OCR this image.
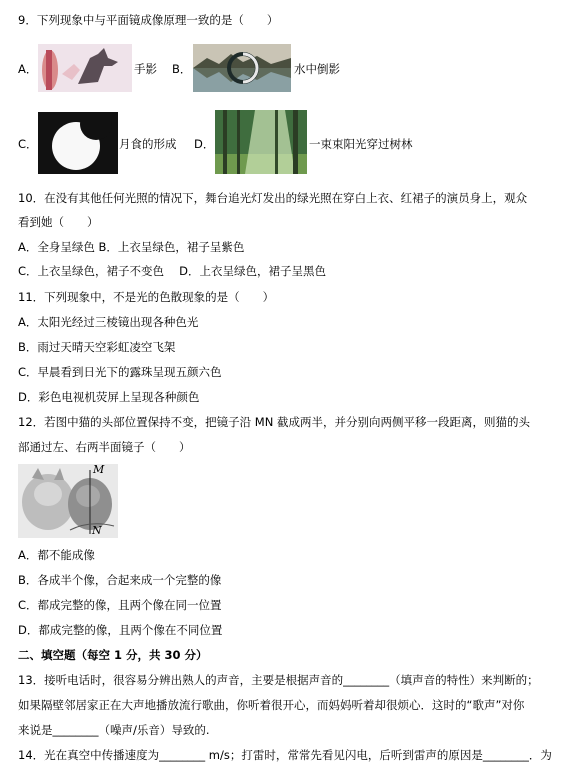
9．下列现象中与平面镜成像原理一致的是（　　）
A．	手影 B．	水中倒影
C．	月食的形成 D．	一束束阳光穿过树林
10．在没有其他任何光照的情况下，舞台追光灯发出的绿光照在穿白上衣、红裙子的演员身上，观众
看到她（　　）
A．全身呈绿色 B．上衣呈绿色，裙子呈紫色
C．上衣呈绿色，裙子不变色　 D．上衣呈绿色，裙子呈黑色
11．下列现象中，不是光的色散现象的是（　　）
A．太阳光经过三棱镜出现各种色光
B．雨过天晴天空彩虹凌空飞架
C．早晨看到日光下的露珠呈现五颜六色
D．彩色电视机荧屏上呈现各种颜色
12．若图中猫的头部位置保持不变，把镜子沿 MN 截成两半，并分别向两侧平移一段距离，则猫的头
部通过左、右两半面镜子（　　）
M
N
A．都不能成像
B．各成半个像，合起来成一个完整的像
C．都成完整的像，且两个像在同一位置
D．都成完整的像，且两个像在不同位置
二、填空题（每空 1 分，共 30 分）
13．接听电话时，很容易分辨出熟人的声音，主要是根据声音的________（填声音的特性）来判断的；
如果隔壁邻居家正在大声地播放流行歌曲，你听着很开心，而妈妈听着却很烦心．这时的“歌声”对你
来说是________（噪声/乐音）导致的.
14．光在真空中传播速度为________ m/s；打雷时，常常先看见闪电，后听到雷声的原因是________．为
